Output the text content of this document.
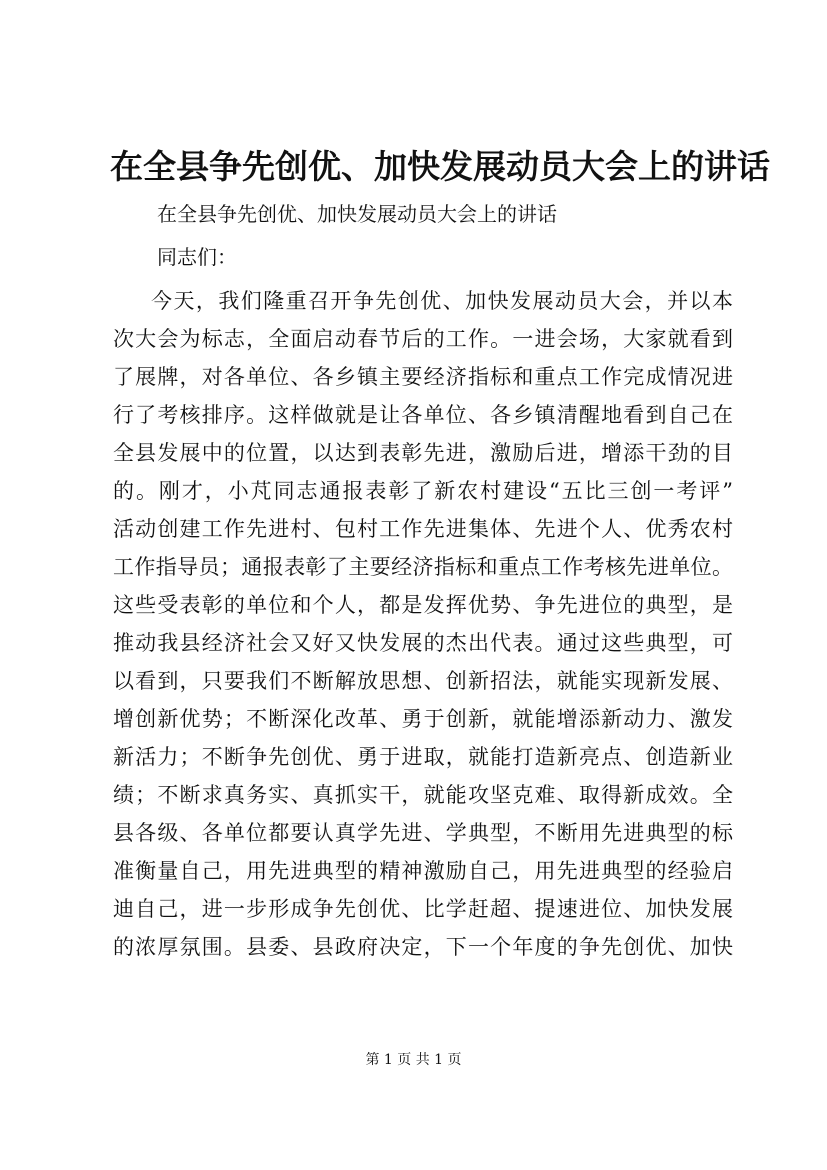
在全县争先创优、加快发展动员大会上的讲话
在全县争先创优、加快发展动员大会上的讲话
同志们：
今天，我们隆重召开争先创优、加快发展动员大会，并以本
次大会为标志，全面启动春节后的工作。一进会场，大家就看到
了展牌，对各单位、各乡镇主要经济指标和重点工作完成情况进
行了考核排序。这样做就是让各单位、各乡镇清醒地看到自己在
全县发展中的位置，以达到表彰先进，激励后进，增添干劲的目
的。刚才，小芃同志通报表彰了新农村建设“五比三创一考评”
活动创建工作先进村、包村工作先进集体、先进个人、优秀农村
工作指导员；通报表彰了主要经济指标和重点工作考核先进单位。
这些受表彰的单位和个人，都是发挥优势、争先进位的典型，是
推动我县经济社会又好又快发展的杰出代表。通过这些典型，可
以看到，只要我们不断解放思想、创新招法，就能实现新发展、
增创新优势；不断深化改革、勇于创新，就能增添新动力、激发
新活力；不断争先创优、勇于进取，就能打造新亮点、创造新业
绩；不断求真务实、真抓实干，就能攻坚克难、取得新成效。全
县各级、各单位都要认真学先进、学典型，不断用先进典型的标
准衡量自己，用先进典型的精神激励自己，用先进典型的经验启
迪自己，进一步形成争先创优、比学赶超、提速进位、加快发展
的浓厚氛围。县委、县政府决定，下一个年度的争先创优、加快
第 1 页 共 1 页
